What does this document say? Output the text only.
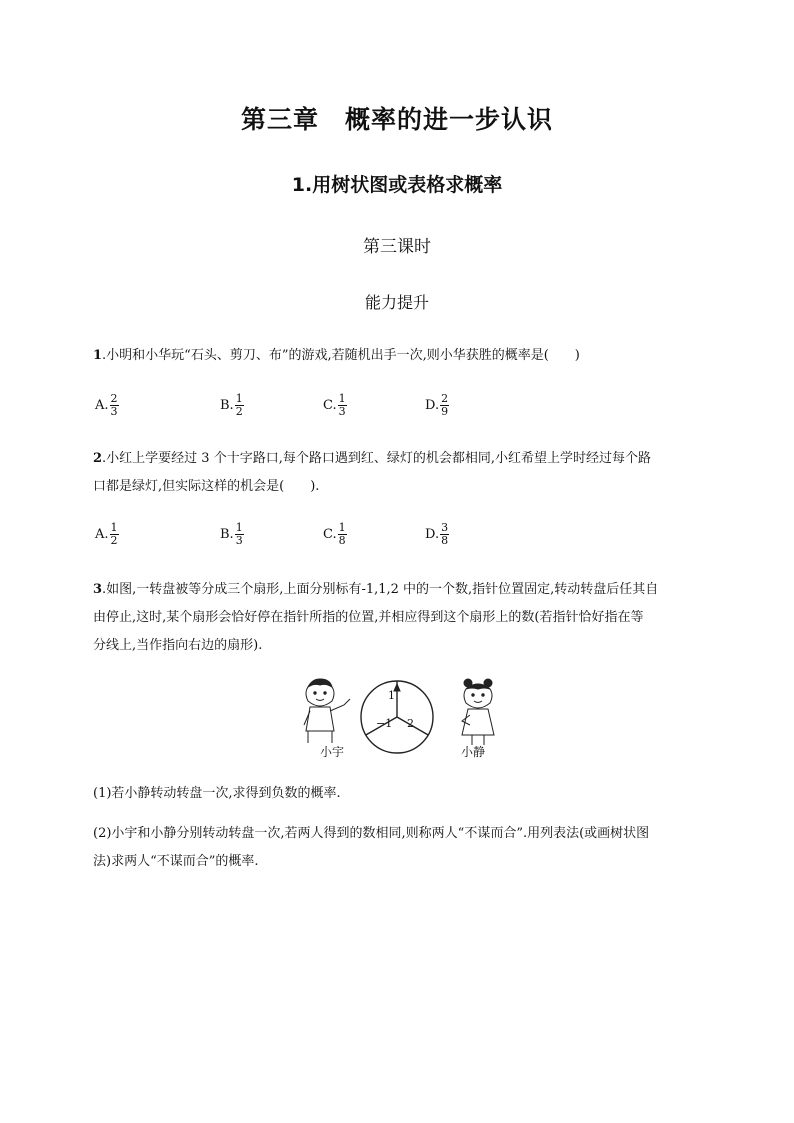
第三章　概率的进一步认识
1.用树状图或表格求概率
第三课时
能力提升
1.小明和小华玩“石头、剪刀、布”的游戏,若随机出手一次,则小华获胜的概率是(　　)
A. $\frac{2}{3}$	B. $\frac{1}{2}$	C. $\frac{1}{3}$	D. $\frac{2}{9}$
2.小红上学要经过 3 个十字路口,每个路口遇到红、绿灯的机会都相同,小红希望上学时经过每个路
口都是绿灯,但实际这样的机会是(　　).
A. $\frac{1}{2}$	B. $\frac{1}{3}$	C. $\frac{1}{8}$	D. $\frac{3}{8}$
3.如图,一转盘被等分成三个扇形,上面分别标有-1,1,2 中的一个数,指针位置固定,转动转盘后任其自
由停止,这时,某个扇形会恰好停在指针所指的位置,并相应得到这个扇形上的数(若指针恰好指在等
分线上,当作指向右边的扇形).
1
−1 2
小宇	小静
(1)若小静转动转盘一次,求得到负数的概率.
(2)小宇和小静分别转动转盘一次,若两人得到的数相同,则称两人“不谋而合”.用列表法(或画树状图
法)求两人“不谋而合”的概率.
